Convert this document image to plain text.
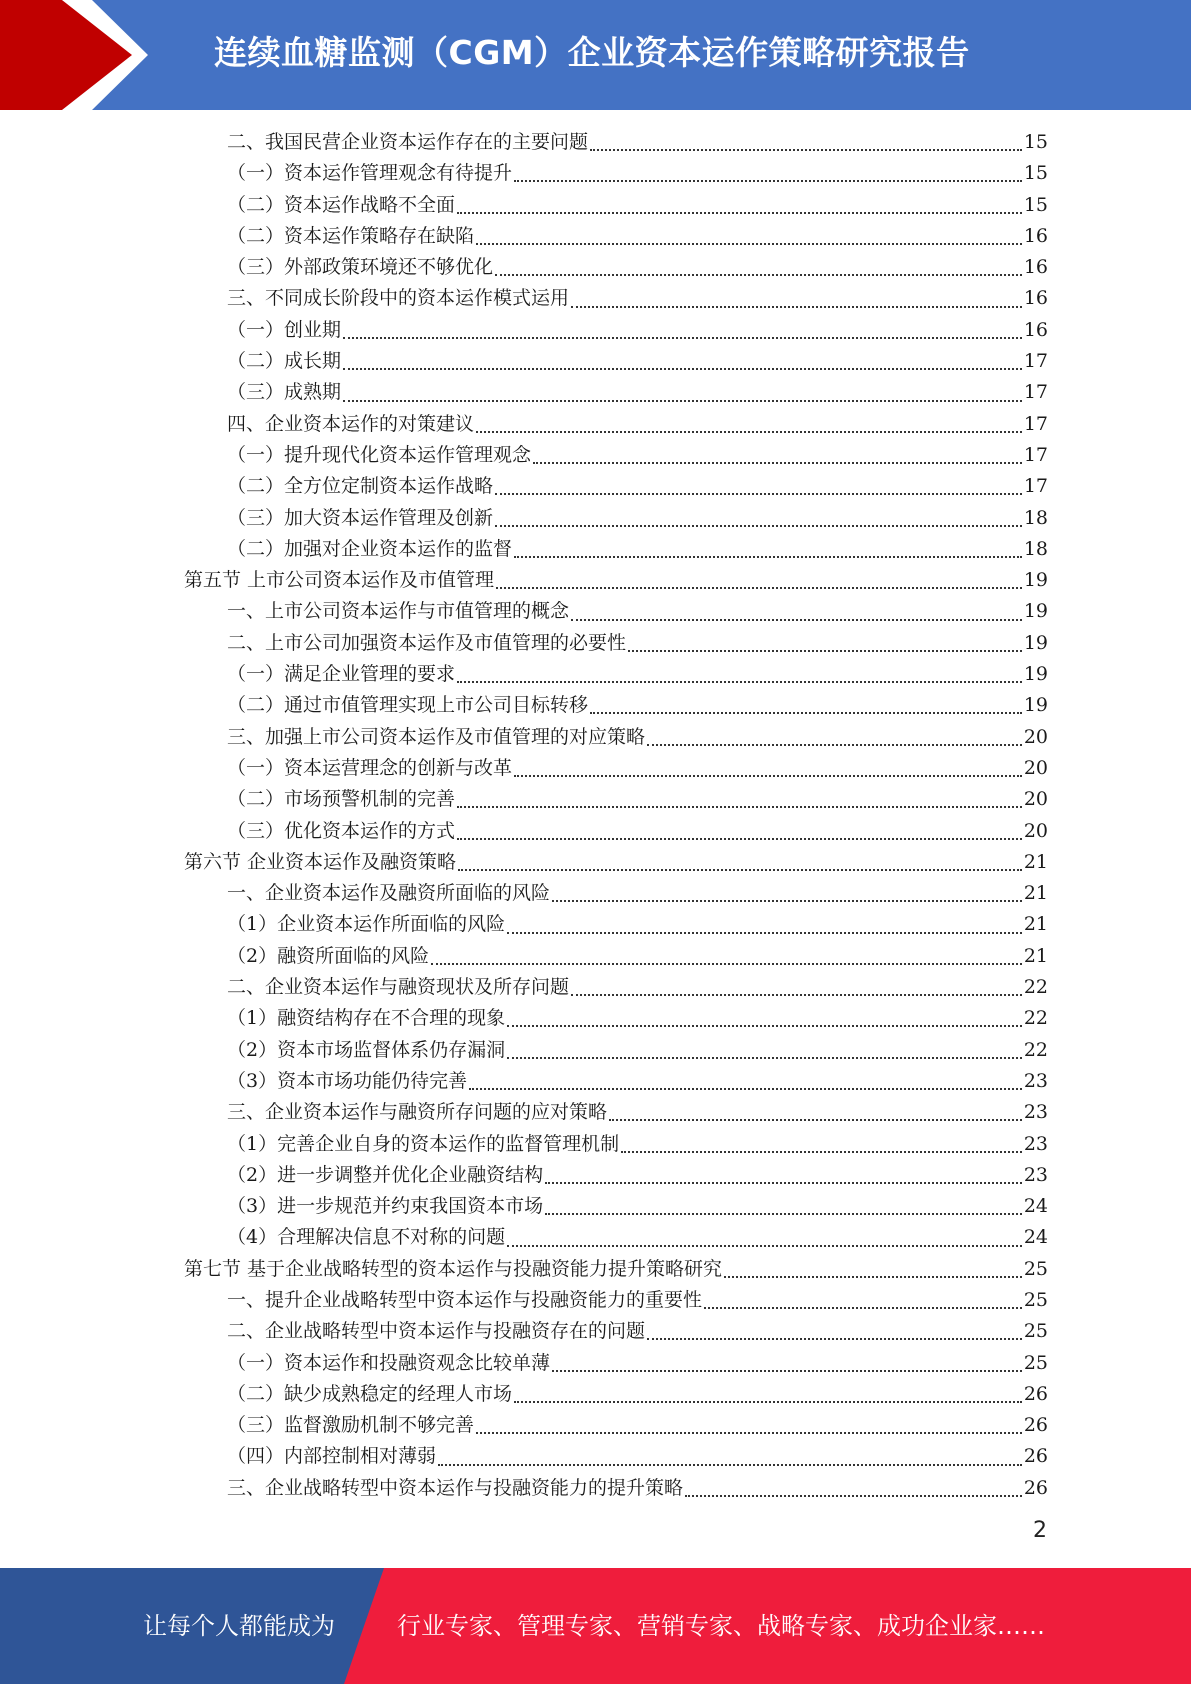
连续血糖监测（CGM）企业资本运作策略研究报告
二、我国民营企业资本运作存在的主要问题	15
（一）资本运作管理观念有待提升	15
（二）资本运作战略不全面	15
（二）资本运作策略存在缺陷	16
（三）外部政策环境还不够优化	16
三、不同成长阶段中的资本运作模式运用	16
（一）创业期	16
（二）成长期	17
（三）成熟期	17
四、企业资本运作的对策建议	17
（一）提升现代化资本运作管理观念	17
（二）全方位定制资本运作战略	17
（三）加大资本运作管理及创新	18
（二）加强对企业资本运作的监督	18
第五节 上市公司资本运作及市值管理	19
一、上市公司资本运作与市值管理的概念	19
二、上市公司加强资本运作及市值管理的必要性	19
（一）满足企业管理的要求	19
（二）通过市值管理实现上市公司目标转移	19
三、加强上市公司资本运作及市值管理的对应策略	20
（一）资本运营理念的创新与改革	20
（二）市场预警机制的完善	20
（三）优化资本运作的方式	20
第六节 企业资本运作及融资策略	21
一、企业资本运作及融资所面临的风险	21
（1）企业资本运作所面临的风险	21
（2）融资所面临的风险	21
二、企业资本运作与融资现状及所存问题	22
（1）融资结构存在不合理的现象	22
（2）资本市场监督体系仍存漏洞	22
（3）资本市场功能仍待完善	23
三、企业资本运作与融资所存问题的应对策略	23
（1）完善企业自身的资本运作的监督管理机制	23
（2）进一步调整并优化企业融资结构	23
（3）进一步规范并约束我国资本市场	24
（4）合理解决信息不对称的问题	24
第七节 基于企业战略转型的资本运作与投融资能力提升策略研究	25
一、提升企业战略转型中资本运作与投融资能力的重要性	25
二、企业战略转型中资本运作与投融资存在的问题	25
（一）资本运作和投融资观念比较单薄	25
（二）缺少成熟稳定的经理人市场	26
（三）监督激励机制不够完善	26
（四）内部控制相对薄弱	26
三、企业战略转型中资本运作与投融资能力的提升策略	26
2
让每个人都能成为	行业专家、管理专家、营销专家、战略专家、成功企业家……
